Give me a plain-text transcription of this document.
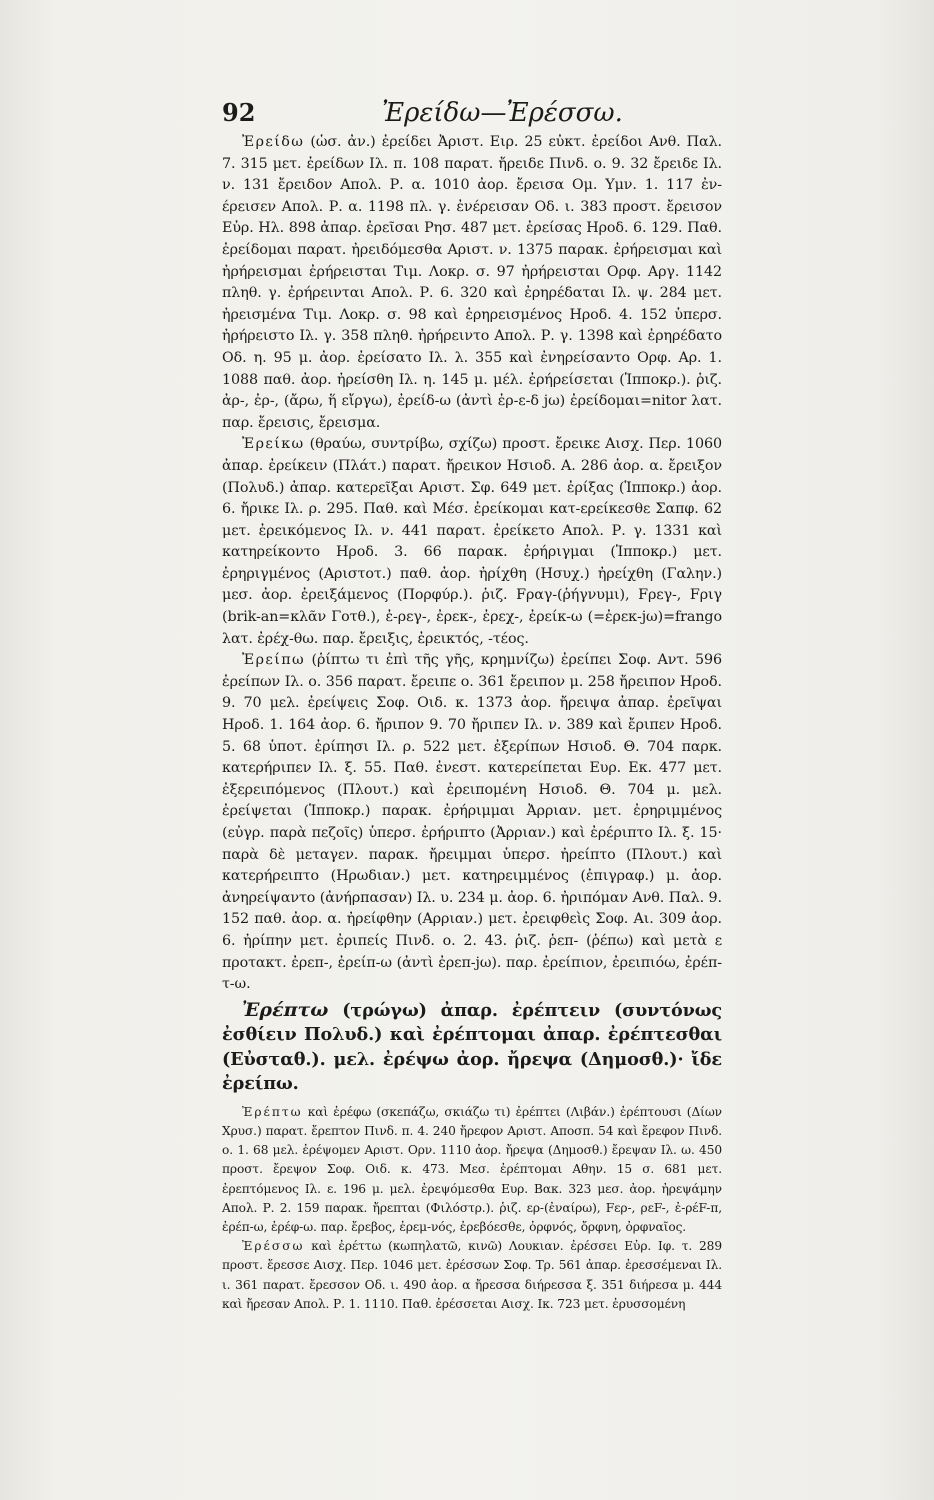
92	Ἐρείδω—Ἐρέσσω.

Ἐρείδω (ὡσ. ἀν.) ἐρείδει Ἀριστ. Ειρ. 25 εὐκτ. ἐρείδοι Ανθ. Παλ. 7. 315 μετ. ἐρείδων Ιλ. π. 108 παρατ. ἤρειδε Πινδ. ο. 9. 32 ἔρειδε Ιλ. ν. 131 ἔρειδον Απολ. Ρ. α. 1010 ἀορ. ἔρεισα Ομ. Υμν. 1. 117 ἐν-έρεισεν Απολ. Ρ. α. 1198 πλ. γ. ἐνέρεισαν Οδ. ι. 383 προστ. ἔρεισον Εὐρ. Ηλ. 898 ἀπαρ. ἐρεῖσαι Ρησ. 487 μετ. ἐρείσας Ηροδ. 6. 129. Παθ. ἐρείδομαι παρατ. ἠρειδόμεσθα Αριστ. ν. 1375 παρακ. ἐρήρεισμαι καὶ ἠρήρεισμαι ἐρήρεισται Τιμ. Λοκρ. σ. 97 ἠρήρεισται Ορφ. Αργ. 1142 πληθ. γ. ἐρήρεινται Απολ. Ρ. 6. 320 καὶ ἐρηρέδαται Ιλ. ψ. 284 μετ. ἠρεισμένα Τιμ. Λοκρ. σ. 98 καὶ ἐρηρεισμένος Ηροδ. 4. 152 ὑπερσ. ἠρήρειστο Ιλ. γ. 358 πληθ. ἠρήρειντο Απολ. Ρ. γ. 1398 καὶ ἐρηρέδατο Οδ. η. 95 μ. ἀορ. ἐρείσατο Ιλ. λ. 355 καὶ ἐνηρείσαντο Ορφ. Αρ. 1. 1088 παθ. ἀορ. ἠρείσθη Ιλ. η. 145 μ. μέλ. ἐρήρείσεται (Ἱπποκρ.). ῥιζ. ἀρ-, ἐρ-, (ἄρω, ἥ εἴργω), ἐρείδ-ω (ἀντὶ ἐρ-ε-δ jω) ἐρείδομαι=nitor λατ. παρ. ἔρεισις, ἔρεισμα.

Ἐρείκω (θραύω, συντρίβω, σχίζω) προστ. ἔρεικε Αισχ. Περ. 1060 ἀπαρ. ἐρείκειν (Πλάτ.) παρατ. ἤρεικον Ησιοδ. Α. 286 ἀορ. α. ἔρειξον (Πολυδ.) ἀπαρ. κατερεῖξαι Αριστ. Σφ. 649 μετ. ἐρίξας (Ἱπποκρ.) ἀορ. 6. ἤρικε Ιλ. ρ. 295. Παθ. καὶ Μέσ. ἐρείκομαι κατ-ερείκεσθε Σαπφ. 62 μετ. ἐρεικόμενος Ιλ. ν. 441 παρατ. ἐρείκετο Απολ. Ρ. γ. 1331 καὶ κατηρείκοντο Ηροδ. 3. 66 παρακ. ἐρήριγμαι (Ἱπποκρ.) μετ. ἐρηριγμένος (Αριστοτ.) παθ. ἀορ. ἠρίχθη (Ησυχ.) ἠρείχθη (Γαλην.) μεσ. ἀορ. ἐρειξάμενος (Πορφύρ.). ῥιζ. Fραγ-(ῥήγνυμι), Fρεγ-, Fριγ (brik-an=κλᾶν Γοτθ.), ἐ-ρεγ-, ἐρεκ-, ἐρεχ-, ἐρείκ-ω (=ἐρεκ-jω)=frango λατ. ἐρέχ-θω. παρ. ἔρειξις, ἐρεικτός, -τέος.

Ἐρείπω (ῥίπτω τι ἐπὶ τῆς γῆς, κρημνίζω) ἐρείπει Σοφ. Αντ. 596 ἐρείπων Ιλ. ο. 356 παρατ. ἔρειπε ο. 361 ἔρειπον μ. 258 ἤρειπον Ηροδ. 9. 70 μελ. ἐρείψεις Σοφ. Οιδ. κ. 1373 ἀορ. ἤρειψα ἀπαρ. ἐρεῖψαι Ηροδ. 1. 164 ἀορ. 6. ἤριπον 9. 70 ἤριπεν Ιλ. ν. 389 καὶ ἔριπεν Ηροδ. 5. 68 ὑποτ. ἐρίπησι Ιλ. ρ. 522 μετ. ἐξερίπων Ησιοδ. Θ. 704 παρκ. κατερήριπεν Ιλ. ξ. 55. Παθ. ἐνεστ. κατερείπεται Ευρ. Εκ. 477 μετ. ἐξερειπόμενος (Πλουτ.) καὶ ἐρειπομένη Ησιοδ. Θ. 704 μ. μελ. ἐρείψεται (Ἱπποκρ.) παρακ. ἐρήριμμαι Ἀρριαν. μετ. ἐρηριμμένος (εὐγρ. παρὰ πεζοῖς) ὑπερσ. ἐρήριπτο (Ἀρριαν.) καὶ ἐρέριπτο Ιλ. ξ. 15· παρὰ δὲ μεταγεν. παρακ. ἤρειμμαι ὑπερσ. ἠρείπτο (Πλουτ.) καὶ κατερήρειπτο (Ηρωδιαν.) μετ. κατηρειμμένος (ἐπιγραφ.) μ. ἀορ. ἀνηρείψαντο (ἀνήρπασαν) Ιλ. υ. 234 μ. ἀορ. 6. ἠριπόμαν Ανθ. Παλ. 9. 152 παθ. ἀορ. α. ἠρείφθην (Αρριαν.) μετ. ἐρειφθεὶς Σοφ. Αι. 309 ἀορ. 6. ἠρίπην μετ. ἐριπείς Πινδ. ο. 2. 43. ῥιζ. ῥεπ- (ῥέπω) καὶ μετὰ ε προτακτ. ἐρεπ-, ἐρείπ-ω (ἀντὶ ἐρεπ-jω). παρ. ἐρείπιον, ἐρειπιόω, ἐρέπ-τ-ω.

Ἐρέπτω (τρώγω) ἀπαρ. ἐρέπτειν (συντόνως ἐσθίειν Πολυδ.) καὶ ἐρέπτομαι ἀπαρ. ἐρέπτεσθαι (Εὐσταθ.). μελ. ἐρέψω ἀορ. ἤρεψα (Δημοσθ.)· ἴδε ἐρείπω.

Ἐρέπτω καὶ ἐρέφω (σκεπάζω, σκιάζω τι) ἐρέπτει (Λιβάν.) ἐρέπτουσι (Δίων Χρυσ.) παρατ. ἔρεπτον Πινδ. π. 4. 240 ἤρεφον Αριστ. Αποσπ. 54 καὶ ἔρεφον Πινδ. ο. 1. 68 μελ. ἐρέψομεν Αριστ. Ορν. 1110 ἀορ. ἤρεψα (Δημοσθ.) ἔρεψαν Ιλ. ω. 450 προστ. ἔρεψον Σοφ. Οιδ. κ. 473. Μεσ. ἐρέπτομαι Αθην. 15 σ. 681 μετ. ἐρεπτόμενος Ιλ. ε. 196 μ. μελ. ἐρεψόμεσθα Ευρ. Βακ. 323 μεσ. ἀορ. ἠρεψάμην Απολ. Ρ. 2. 159 παρακ. ἤρεπται (Φιλόστρ.). ῥιζ. ερ-(ἐναίρω), Fερ-, ρεF-, ἐ-ρέF-π, ἐρέπ-ω, ἐρέφ-ω. παρ. ἔρεβος, ἐρεμ-νός, ἐρεβόεσθε, ὀρφνός, ὄρφνη, ὀρφναῖος.

Ἐρέσσω καὶ ἐρέττω (κωπηλατῶ, κινῶ) Λουκιαν. ἐρέσσει Εὐρ. Ιφ. τ. 289 προστ. ἔρεσσε Αισχ. Περ. 1046 μετ. ἐρέσσων Σοφ. Τρ. 561 ἀπαρ. ἐρεσσέμεναι Ιλ. ι. 361 παρατ. ἔρεσσον Οδ. ι. 490 ἀορ. α ἤρεσσα διήρεσσα ξ. 351 διήρεσα μ. 444 καὶ ἤρεσαν Απολ. Ρ. 1. 1110. Παθ. ἐρέσσεται Αισχ. Ικ. 723 μετ. ἐρυσσομένη
